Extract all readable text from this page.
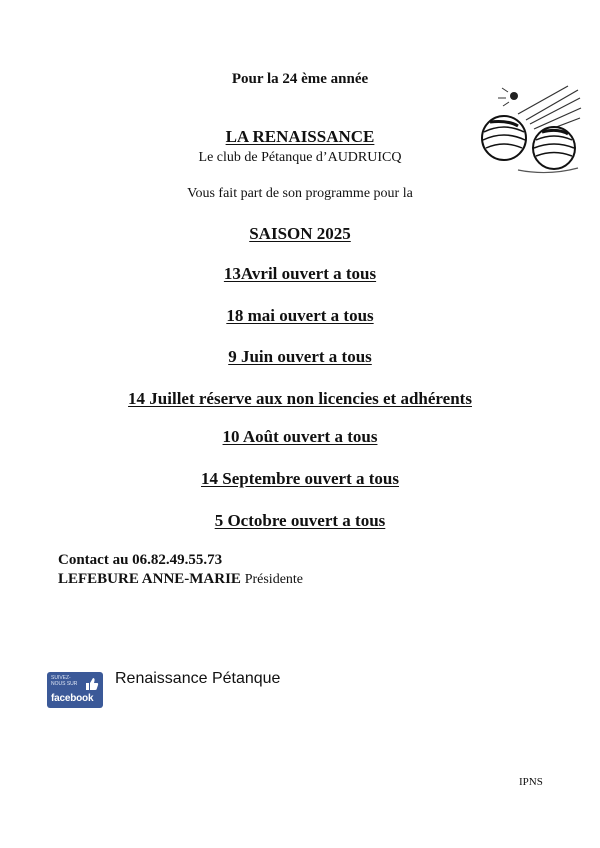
Pour la 24 ème année
LA RENAISSANCE
Le club de Pétanque d’AUDRUICQ
Vous fait part de son programme pour la
SAISON 2025
13Avril ouvert a tous
18 mai ouvert a tous
9 Juin ouvert a tous
14 Juillet réserve aux non licencies et adhérents
10 Août ouvert a tous
14 Septembre ouvert a tous
5 Octobre ouvert a tous
Contact au 06.82.49.55.73
LEFEBURE ANNE-MARIE Présidente
SUIVEZ-NOUS SUR
facebook
Renaissance Pétanque
IPNS
